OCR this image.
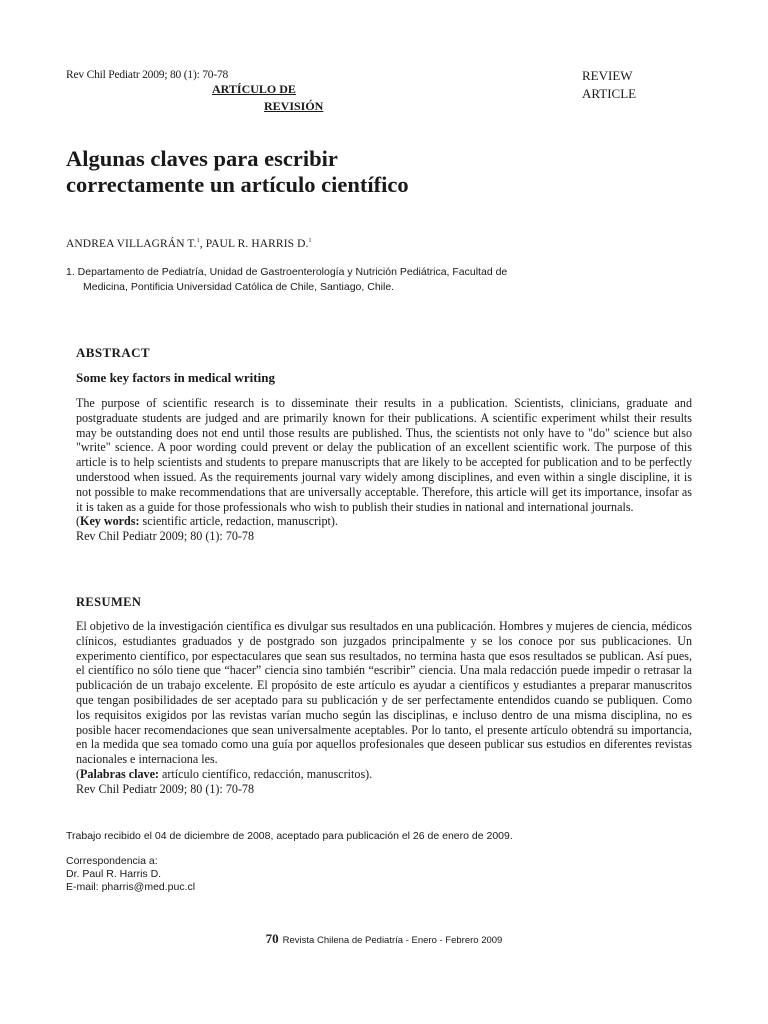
Rev Chil Pediatr 2009; 80 (1): 70-78
ARTÍCULO DE
REVISIÓN
REVIEW
ARTICLE
Algunas claves para escribir
correctamente un artículo científico
ANDREA VILLAGRÁN T.$^1$, PAUL R. HARRIS D.$^1$
1. Departamento de Pediatría, Unidad de Gastroenterología y Nutrición Pediátrica, Facultad de
Medicina, Pontificia Universidad Católica de Chile, Santiago, Chile.
ABSTRACT
Some key factors in medical writing
The purpose of scientific research is to disseminate their results in a publication. Scientists, clinicians, graduate and postgraduate students are judged and are primarily known for their publications. A scientific experiment whilst their results may be outstanding does not end until those results are published. Thus, the scientists not only have to "do" science but also "write" science. A poor wording could prevent or delay the publication of an excellent scientific work. The purpose of this article is to help scientists and students to prepare manuscripts that are likely to be accepted for publication and to be perfectly understood when issued. As the requirements journal vary widely among disciplines, and even within a single discipline, it is not possible to make recommendations that are universally acceptable. Therefore, this article will get its importance, insofar as it is taken as a guide for those professionals who wish to publish their studies in national and international journals.
(Key words: scientific article, redaction, manuscript).
Rev Chil Pediatr 2009; 80 (1): 70-78
RESUMEN
El objetivo de la investigación científica es divulgar sus resultados en una publicación. Hombres y mujeres de ciencia, médicos clínicos, estudiantes graduados y de postgrado son juzgados principalmente y se los conoce por sus publicaciones. Un experimento científico, por espectaculares que sean sus resultados, no termina hasta que esos resultados se publican. Así pues, el científico no sólo tiene que “hacer” ciencia sino también “escribir” ciencia. Una mala redacción puede impedir o retrasar la publicación de un trabajo excelente. El propósito de este artículo es ayudar a científicos y estudiantes a preparar manuscritos que tengan posibilidades de ser aceptado para su publicación y de ser perfectamente entendidos cuando se publiquen. Como los requisitos exigidos por las revistas varían mucho según las disciplinas, e incluso dentro de una misma disciplina, no es posible hacer recomendaciones que sean universalmente aceptables. Por lo tanto, el presente artículo obtendrá su importancia, en la medida que sea tomado como una guía por aquellos profesionales que deseen publicar sus estudios en diferentes revistas nacionales e internaciona les.
(Palabras clave: artículo científico, redacción, manuscritos).
Rev Chil Pediatr 2009; 80 (1): 70-78
Trabajo recibido el 04 de diciembre de 2008, aceptado para publicación el 26 de enero de 2009.
Correspondencia a:
Dr. Paul R. Harris D.
E-mail: pharris@med.puc.cl
70 Revista Chilena de Pediatría - Enero - Febrero 2009
